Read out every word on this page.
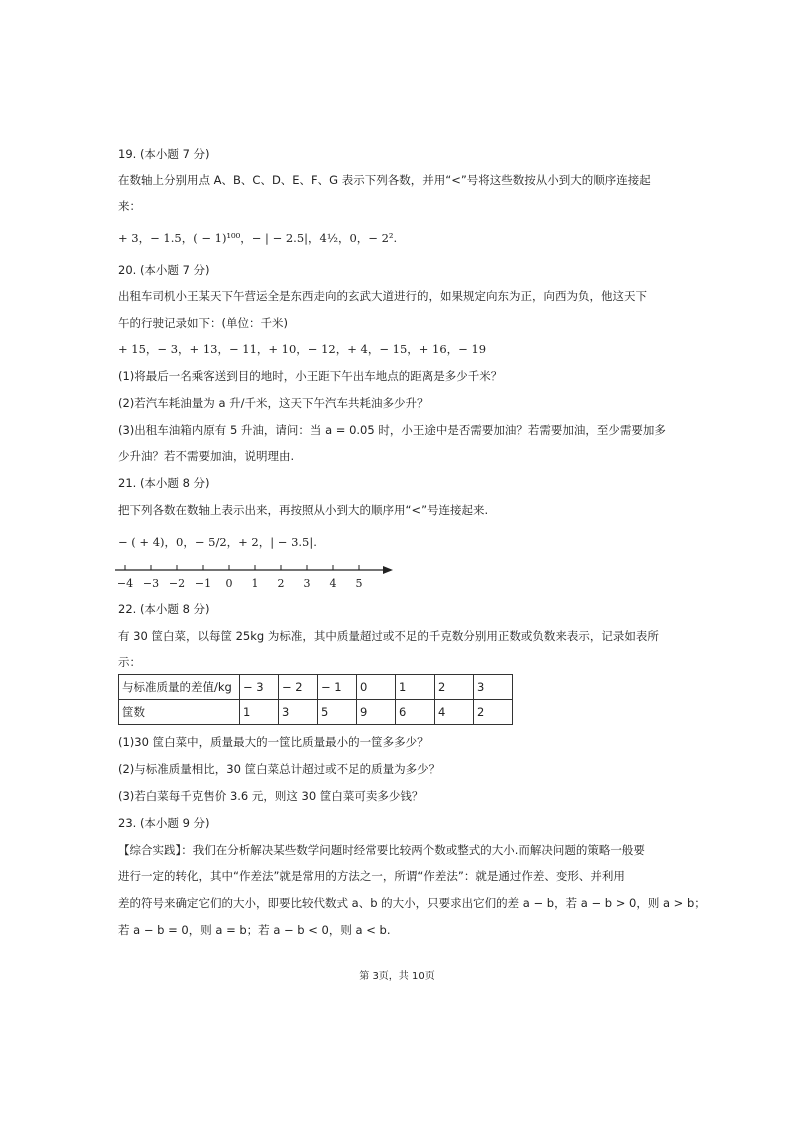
19. (本小题 7 分)
在数轴上分别用点 A、B、C、D、E、F、G 表示下列各数，并用“<”号将这些数按从小到大的顺序连接起
来：
+ 3，− 1.5，( − 1)¹⁰⁰，− | − 2.5|，4½，0，− 2².
20. (本小题 7 分)
出租车司机小王某天下午营运全是东西走向的玄武大道进行的，如果规定向东为正，向西为负，他这天下
午的行驶记录如下：(单位：千米)
+ 15，− 3，+ 13，− 11，+ 10，− 12，+ 4，− 15，+ 16，− 19
(1)将最后一名乘客送到目的地时，小王距下午出车地点的距离是多少千米？
(2)若汽车耗油量为 a 升/千米，这天下午汽车共耗油多少升？
(3)出租车油箱内原有 5 升油，请问：当 a = 0.05 时，小王途中是否需要加油？若需要加油，至少需要加多
少升油？若不需要加油，说明理由.
21. (本小题 8 分)
把下列各数在数轴上表示出来，再按照从小到大的顺序用“<”号连接起来.
− ( + 4)，0，− 5/2，+ 2，| − 3.5|.
−4 −3 −2 −1 0 1 2 3 4 5
22. (本小题 8 分)
有 30 筐白菜，以每筐 25kg 为标准，其中质量超过或不足的千克数分别用正数或负数来表示，记录如表所
示：
与标准质量的差值/kg	− 3	− 2	− 1	0	1	2	3
筐数	1	3	5	9	6	4	2
(1)30 筐白菜中，质量最大的一筐比质量最小的一筐多多少？
(2)与标准质量相比，30 筐白菜总计超过或不足的质量为多少？
(3)若白菜每千克售价 3.6 元，则这 30 筐白菜可卖多少钱？
23. (本小题 9 分)
【综合实践】：我们在分析解决某些数学问题时经常要比较两个数或整式的大小.而解决问题的策略一般要
进行一定的转化，其中“作差法”就是常用的方法之一，所谓“作差法”：就是通过作差、变形、并利用
差的符号来确定它们的大小，即要比较代数式 a、b 的大小，只要求出它们的差 a − b，若 a − b > 0，则 a > b；
若 a − b = 0，则 a = b；若 a − b < 0，则 a < b.
第 3页，共 10页
